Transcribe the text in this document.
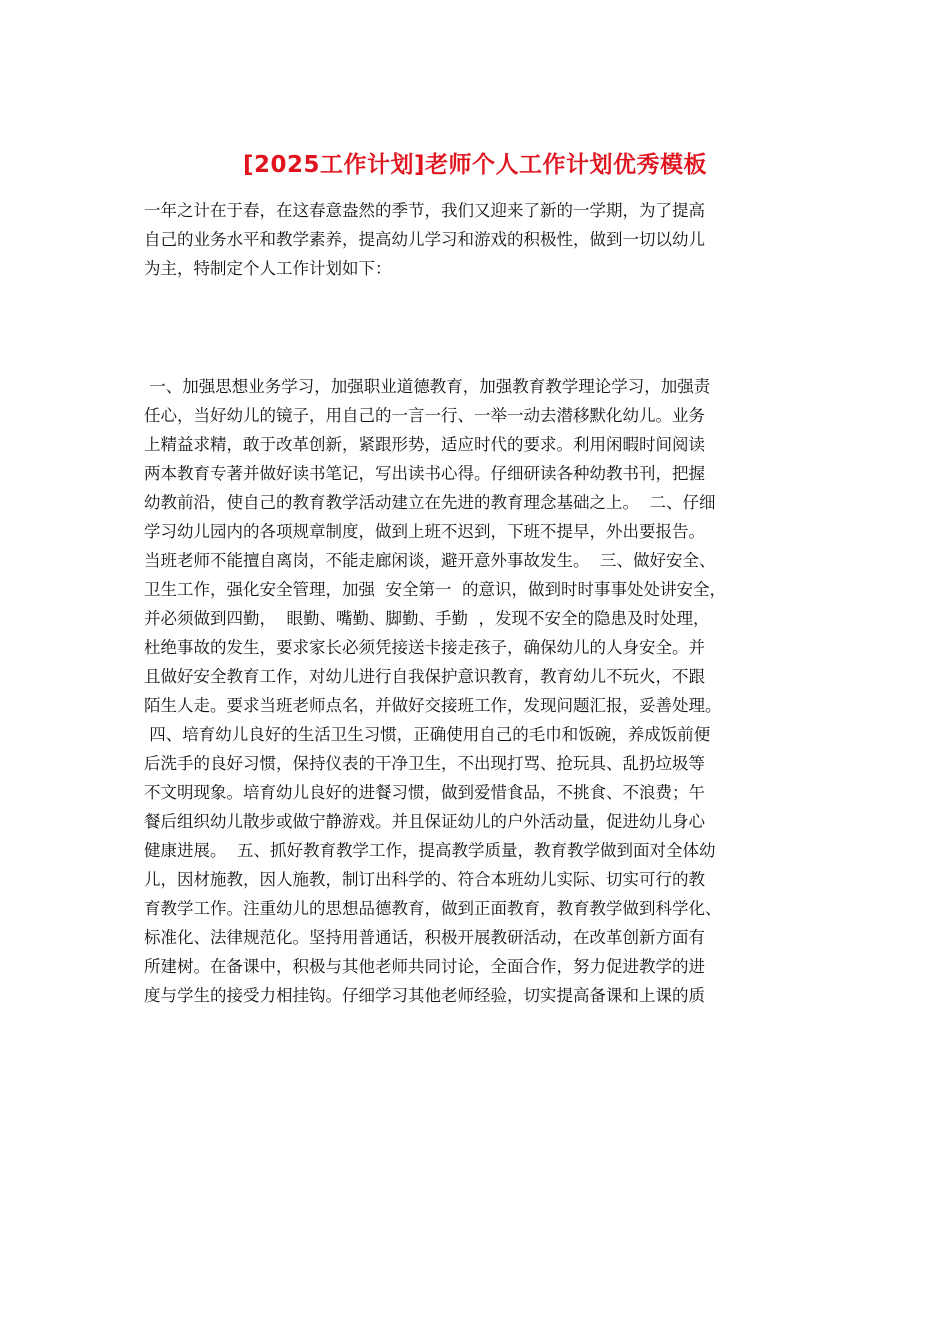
[2025工作计划]老师个人工作计划优秀模板
一年之计在于春，在这春意盎然的季节，我们又迎来了新的一学期，为了提高
自己的业务水平和教学素养，提高幼儿学习和游戏的积极性，做到一切以幼儿
为主，特制定个人工作计划如下：
一、加强思想业务学习，加强职业道德教育，加强教育教学理论学习，加强责
任心，当好幼儿的镜子，用自己的一言一行、一举一动去潜移默化幼儿。业务
上精益求精，敢于改革创新，紧跟形势，适应时代的要求。利用闲暇时间阅读
两本教育专著并做好读书笔记，写出读书心得。仔细研读各种幼教书刊，把握
幼教前沿，使自己的教育教学活动建立在先进的教育理念基础之上。  二、仔细
学习幼儿园内的各项规章制度，做到上班不迟到，下班不提早，外出要报告。
当班老师不能擅自离岗，不能走廊闲谈，避开意外事故发生。  三、做好安全、
卫生工作，强化安全管理，加强  安全第一  的意识，做到时时事事处处讲安全，
并必须做到四勤，  眼勤、嘴勤、脚勤、手勤  ，发现不安全的隐患及时处理，
杜绝事故的发生，要求家长必须凭接送卡接走孩子，确保幼儿的人身安全。并
且做好安全教育工作，对幼儿进行自我保护意识教育，教育幼儿不玩火，不跟
陌生人走。要求当班老师点名，并做好交接班工作，发现问题汇报，妥善处理。
四、培育幼儿良好的生活卫生习惯，正确使用自己的毛巾和饭碗，养成饭前便
后洗手的良好习惯，保持仪表的干净卫生，不出现打骂、抢玩具、乱扔垃圾等
不文明现象。培育幼儿良好的进餐习惯，做到爱惜食品，不挑食、不浪费；午
餐后组织幼儿散步或做宁静游戏。并且保证幼儿的户外活动量，促进幼儿身心
健康进展。  五、抓好教育教学工作，提高教学质量，教育教学做到面对全体幼
儿，因材施教，因人施教，制订出科学的、符合本班幼儿实际、切实可行的教
育教学工作。注重幼儿的思想品德教育，做到正面教育，教育教学做到科学化、
标准化、法律规范化。坚持用普通话，积极开展教研活动，在改革创新方面有
所建树。在备课中，积极与其他老师共同讨论，全面合作，努力促进教学的进
度与学生的接受力相挂钩。仔细学习其他老师经验，切实提高备课和上课的质
